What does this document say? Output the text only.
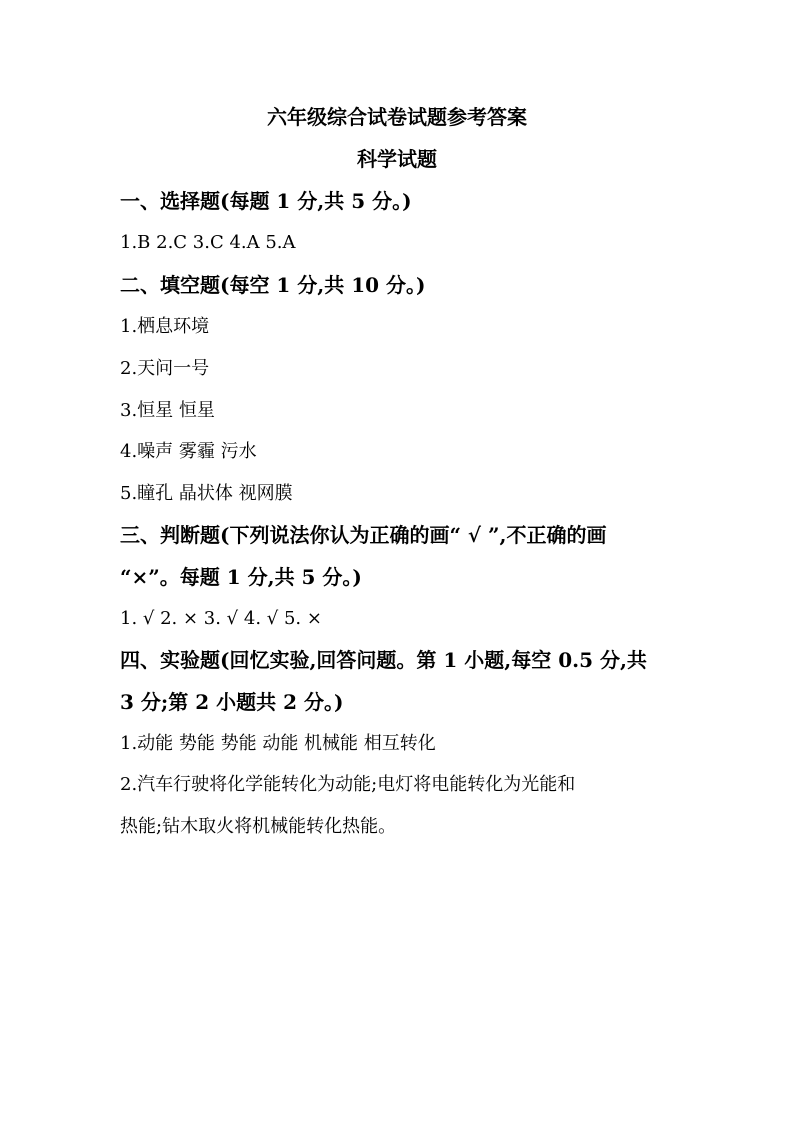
六年级综合试卷试题参考答案
科学试题
一、选择题(每题 1 分,共 5 分。)
1.B 2.C 3.C 4.A 5.A
二、填空题(每空 1 分,共 10 分。)
1.栖息环境
2.天问一号
3.恒星 恒星
4.噪声 雾霾 污水
5.瞳孔 晶状体 视网膜
三、判断题(下列说法你认为正确的画“ √ ”,不正确的画
“×”。每题 1 分,共 5 分。)
1. √ 2. × 3. √ 4. √ 5. ×
四、实验题(回忆实验,回答问题。第 1 小题,每空 0.5 分,共
3 分;第 2 小题共 2 分。)
1.动能 势能 势能 动能 机械能 相互转化
2.汽车行驶将化学能转化为动能;电灯将电能转化为光能和
热能;钻木取火将机械能转化热能。
